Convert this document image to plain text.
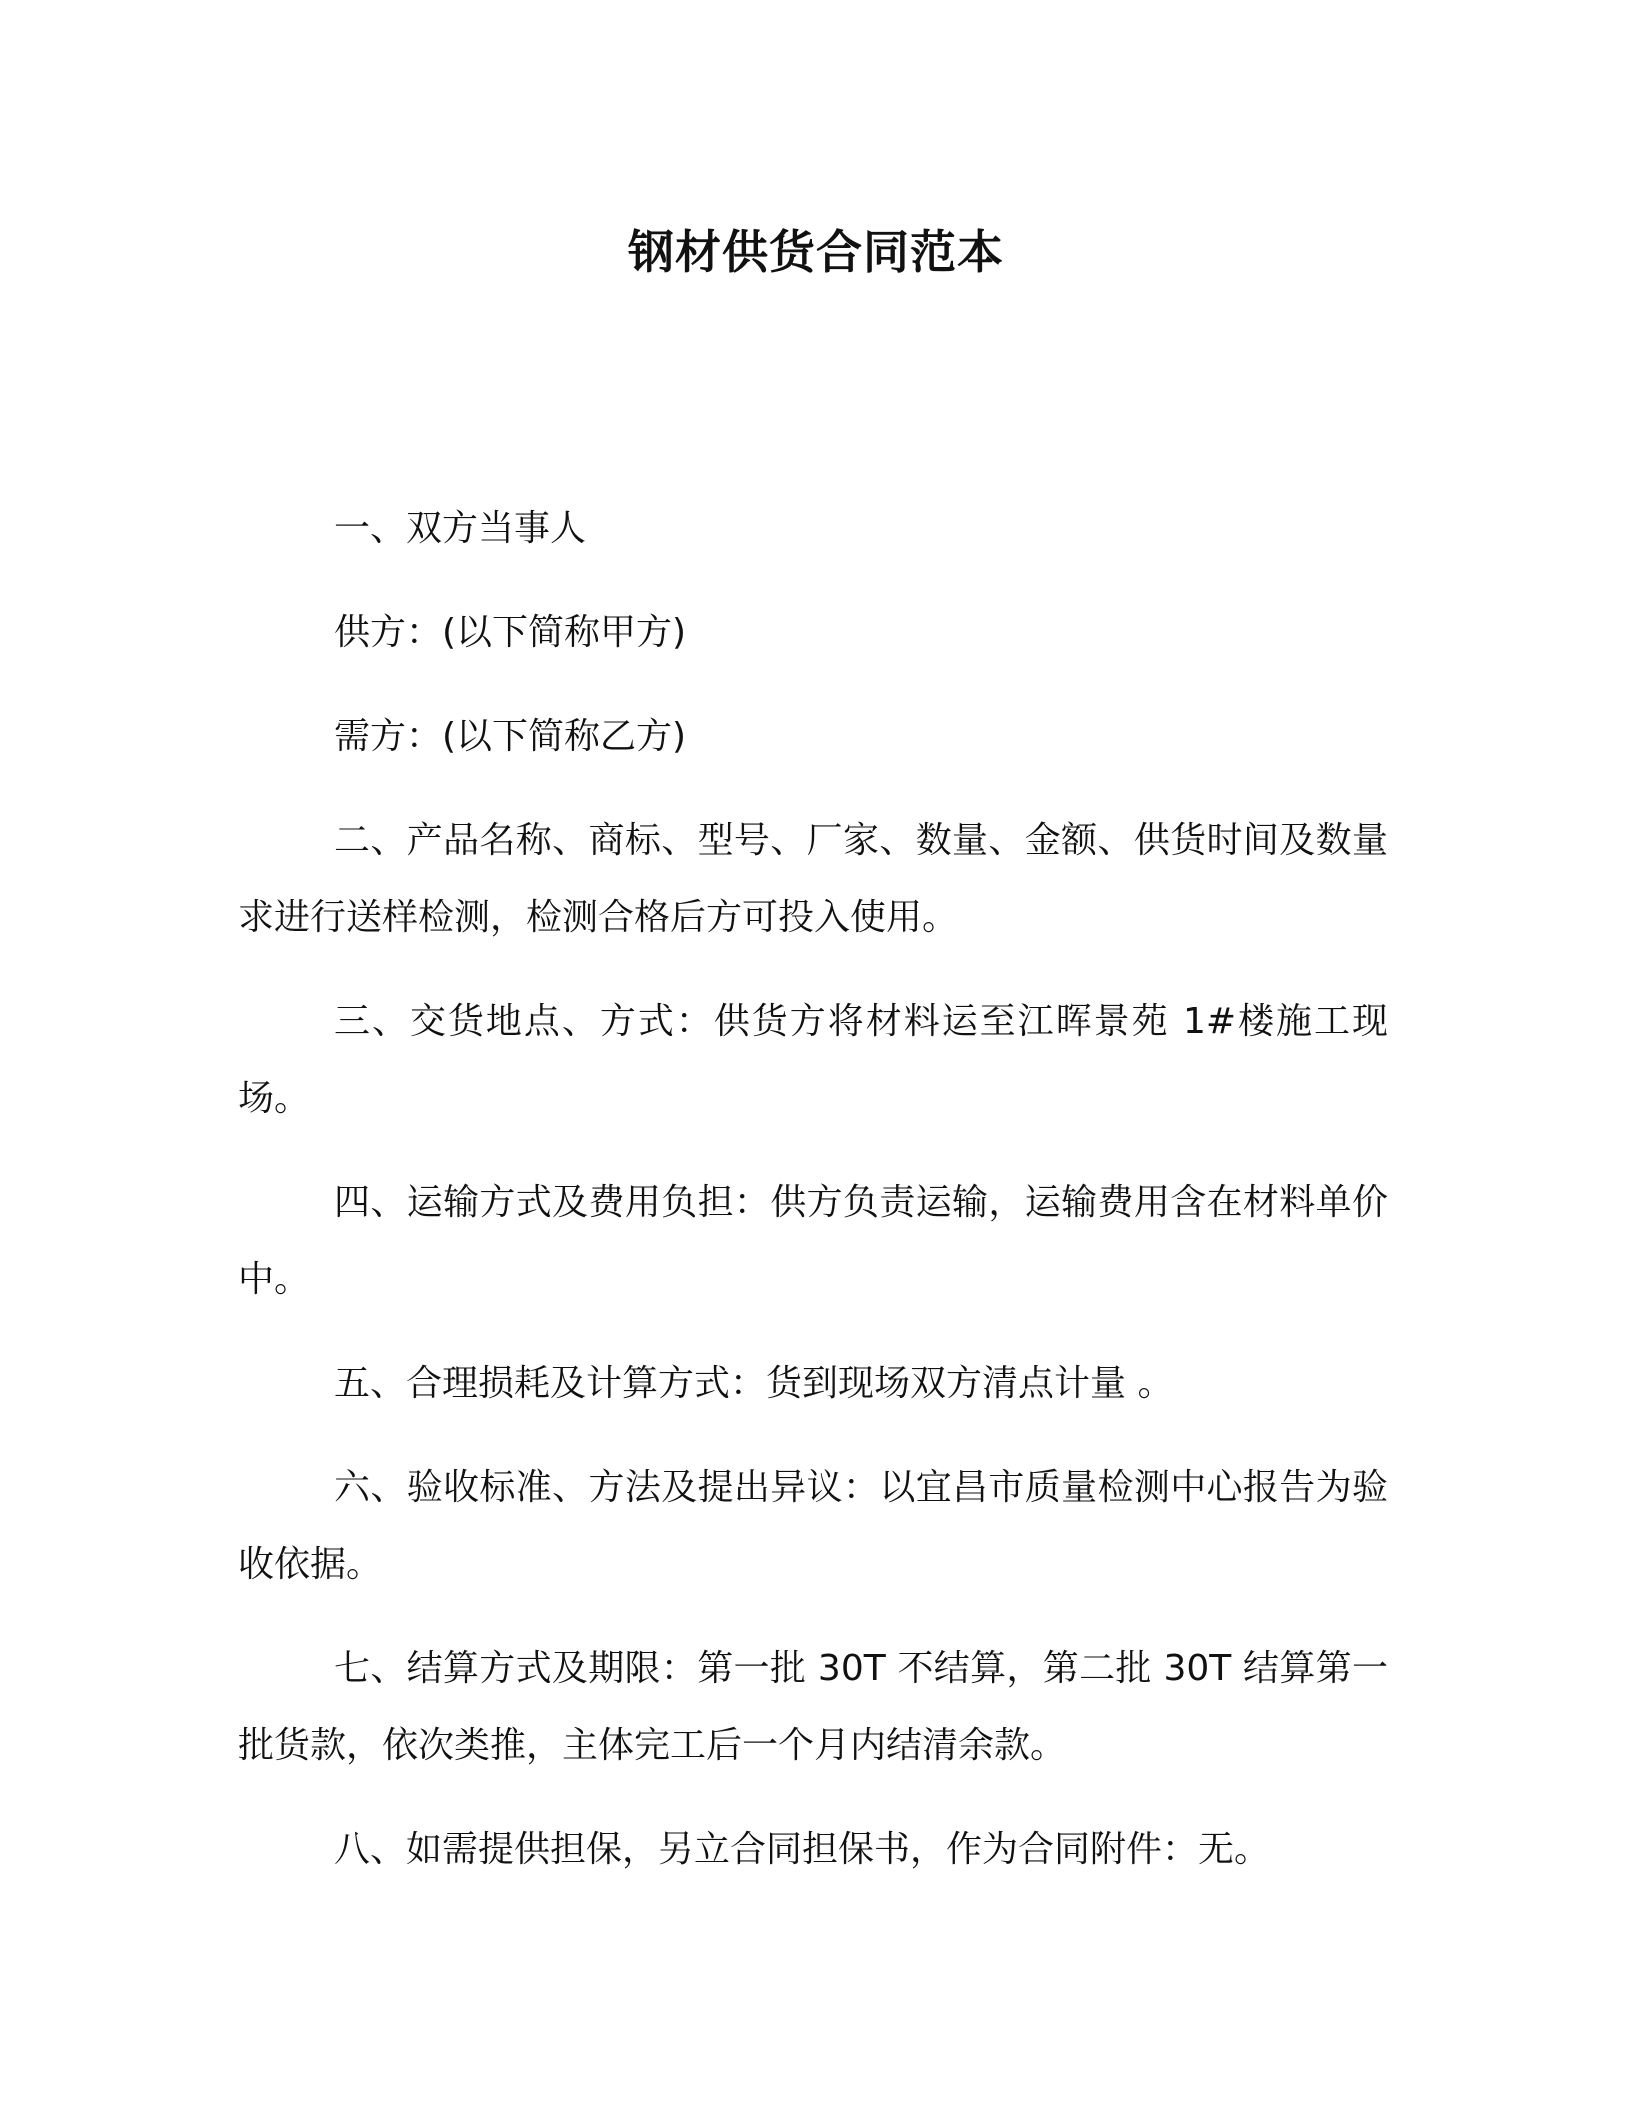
钢材供货合同范本

一、双方当事人

供方：(以下简称甲方)

需方：(以下简称乙方)

二、产品名称、商标、型号、厂家、数量、金额、供货时间及数量求进行送样检测，检测合格后方可投入使用。

三、交货地点、方式：供货方将材料运至江晖景苑 1#楼施工现场。

四、运输方式及费用负担：供方负责运输，运输费用含在材料单价中。

五、合理损耗及计算方式：货到现场双方清点计量 。

六、验收标准、方法及提出异议：以宜昌市质量检测中心报告为验收依据。

七、结算方式及期限：第一批 30T 不结算，第二批 30T 结算第一批货款，依次类推，主体完工后一个月内结清余款。

八、如需提供担保，另立合同担保书，作为合同附件：无。
